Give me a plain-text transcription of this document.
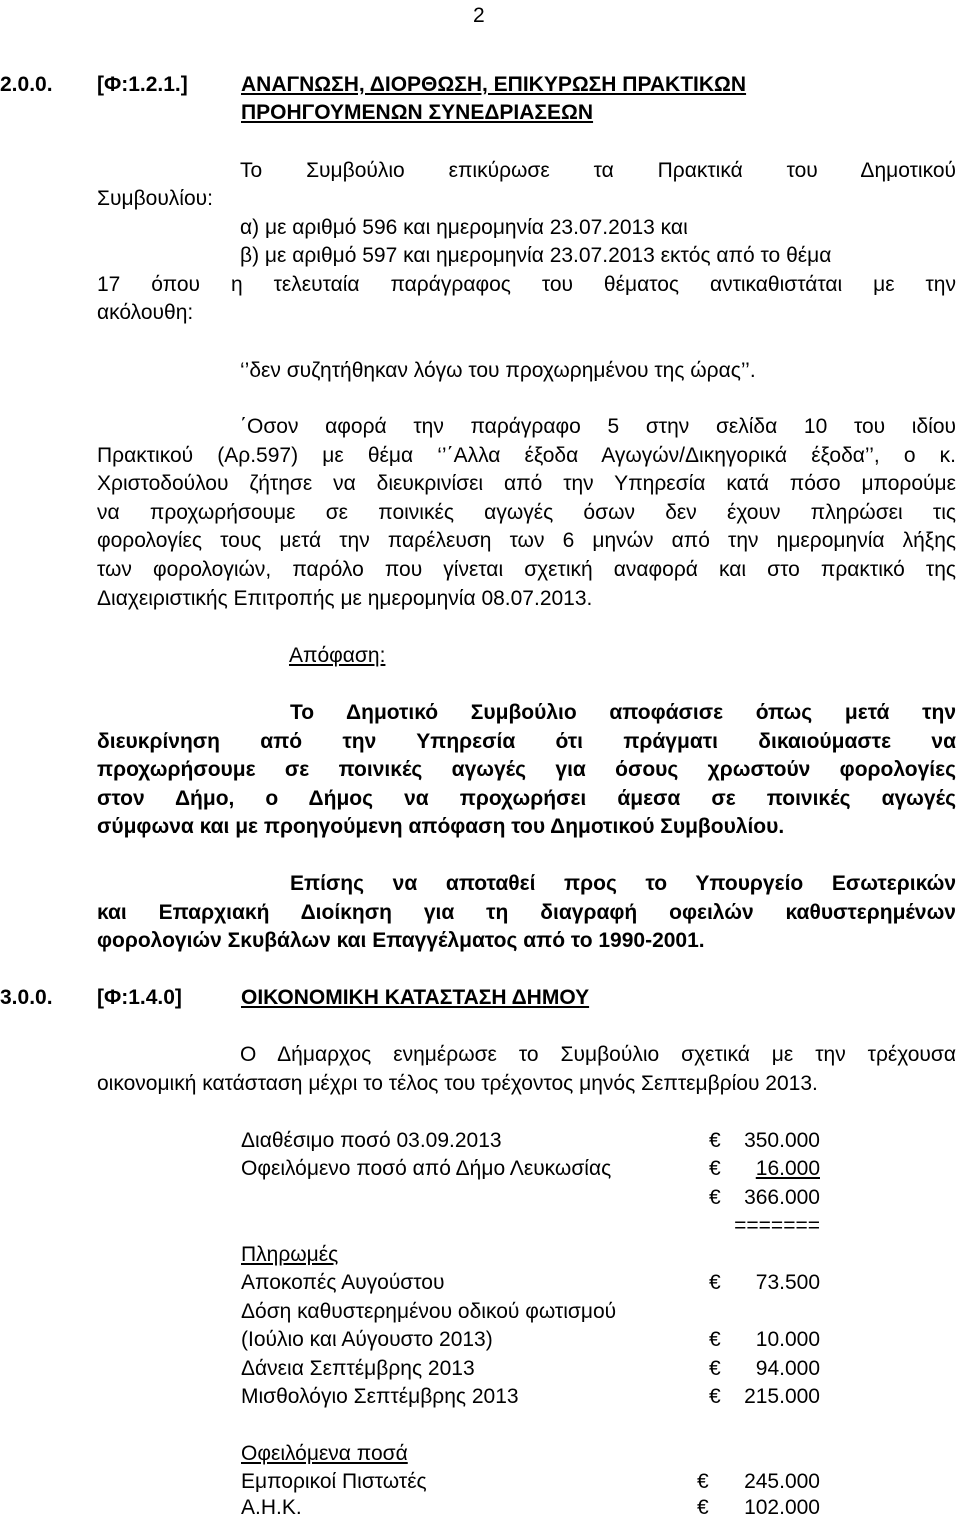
2
2.0.0. [Φ:1.2.1.]	ΑΝΑΓΝΩΣΗ, ΔΙΟΡΘΩΣΗ, ΕΠΙΚΥΡΩΣΗ ΠΡΑΚΤΙΚΩΝ
ΠΡΟΗΓΟΥΜΕΝΩΝ ΣΥΝΕΔΡΙΑΣΕΩΝ
Το Συμβούλιο επικύρωσε τα Πρακτικά του Δημοτικού
Συμβουλίου:
α) με αριθμό 596 και ημερομηνία 23.07.2013 και
β) με αριθμό 597 και ημερομηνία 23.07.2013 εκτός από το θέμα
17 όπου η τελευταία παράγραφος του θέματος αντικαθιστάται με την
ακόλουθη:
‘’δεν συζητήθηκαν λόγω του προχωρημένου της ώρας’’.
΄Οσον αφορά την παράγραφο 5 στην σελίδα 10 του ιδίου
Πρακτικού (Αρ.597) με θέμα ‘’΄Αλλα έξοδα Αγωγών/Δικηγορικά έξοδα’’, ο κ.
Χριστοδούλου ζήτησε να διευκρινίσει από την Υπηρεσία κατά πόσο μπορούμε
να προχωρήσουμε σε ποινικές αγωγές όσων δεν έχουν πληρώσει τις
φορολογίες τους μετά την παρέλευση των 6 μηνών από την ημερομηνία λήξης
των φορολογιών, παρόλο που γίνεται σχετική αναφορά και στο πρακτικό της
Διαχειριστικής Επιτροπής με ημερομηνία 08.07.2013.
Απόφαση:
Το Δημοτικό Συμβούλιο αποφάσισε όπως μετά την
διευκρίνηση από την Υπηρεσία ότι πράγματι δικαιούμαστε να
προχωρήσουμε σε ποινικές αγωγές για όσους χρωστούν φορολογίες
στον Δήμο, ο Δήμος να προχωρήσει άμεσα σε ποινικές αγωγές
σύμφωνα και με προηγούμενη απόφαση του Δημοτικού Συμβουλίου.
Επίσης να αποταθεί προς το Υπουργείο Εσωτερικών
και Επαρχιακή Διοίκηση για τη διαγραφή οφειλών καθυστερημένων
φορολογιών Σκυβάλων και Επαγγέλματος από το 1990-2001.
3.0.0. [Φ:1.4.0]	ΟΙΚΟΝΟΜΙΚΗ ΚΑΤΑΣΤΑΣΗ ΔΗΜΟΥ
Ο Δήμαρχος ενημέρωσε το Συμβούλιο σχετικά με την τρέχουσα
οικονομική κατάσταση μέχρι το τέλος του τρέχοντος μηνός Σεπτεμβρίου 2013.
Διαθέσιμο ποσό 03.09.2013	€	350.000
Οφειλόμενο ποσό από Δήμο Λευκωσίας	€	16.000
€	366.000
=======
Πληρωμές
Αποκοπές Αυγούστου	€	73.500
Δόση καθυστερημένου οδικού φωτισμού
(Ιούλιο και Αύγουστο 2013)	€	10.000
Δάνεια Σεπτέμβρης 2013	€	94.000
Μισθολόγιο Σεπτέμβρης 2013	€	215.000
Οφειλόμενα ποσά
Εμπορικοί Πιστωτές	€	245.000
Α.Η.Κ.	€	102.000
